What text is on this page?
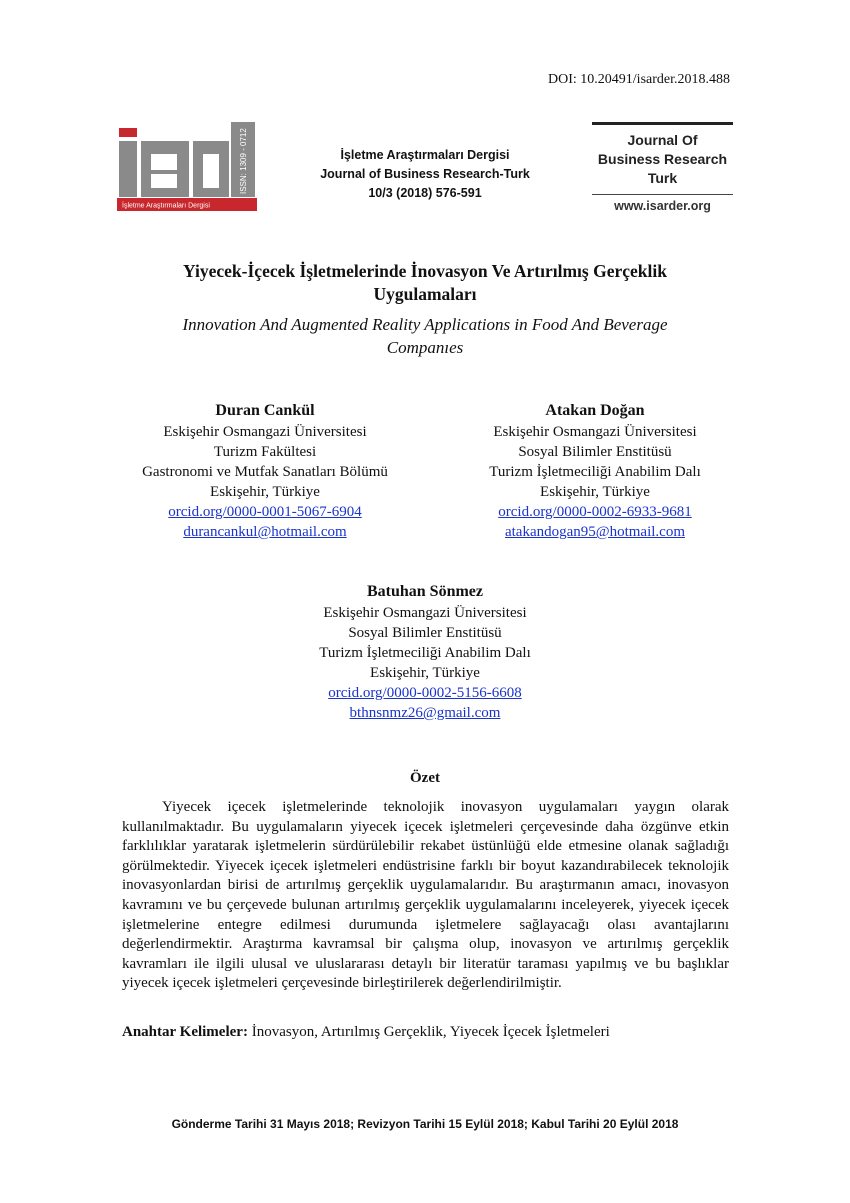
DOI: 10.20491/isarder.2018.488
ISSN: 1309 - 0712
İşletme Araştırmaları Dergisi
İşletme Araştırmaları Dergisi
Journal of Business Research-Turk
10/3 (2018) 576-591
Journal Of
Business Research
Turk
www.isarder.org
Yiyecek-İçecek İşletmelerinde İnovasyon Ve Artırılmış Gerçeklik
Uygulamaları
Innovation And Augmented Reality Applications in Food And Beverage
Companıes
Duran Cankül
Eskişehir Osmangazi Üniversitesi
Turizm Fakültesi
Gastronomi ve Mutfak Sanatları Bölümü
Eskişehir, Türkiye
orcid.org/0000-0001-5067-6904
durancankul@hotmail.com
Atakan Doğan
Eskişehir Osmangazi Üniversitesi
Sosyal Bilimler Enstitüsü
Turizm İşletmeciliği Anabilim Dalı
Eskişehir, Türkiye
orcid.org/0000-0002-6933-9681
atakandogan95@hotmail.com
Batuhan Sönmez
Eskişehir Osmangazi Üniversitesi
Sosyal Bilimler Enstitüsü
Turizm İşletmeciliği Anabilim Dalı
Eskişehir, Türkiye
orcid.org/0000-0002-5156-6608
bthnsnmz26@gmail.com
Özet

Yiyecek içecek işletmelerinde teknolojik inovasyon uygulamaları yaygın olarak kullanılmaktadır. Bu uygulamaların yiyecek içecek işletmeleri çerçevesinde daha özgünve etkin farklılıklar yaratarak işletmelerin sürdürülebilir rekabet üstünlüğü elde etmesine olanak sağladığı görülmektedir. Yiyecek içecek işletmeleri endüstrisine farklı bir boyut kazandırabilecek teknolojik inovasyonlardan birisi de artırılmış gerçeklik uygulamalarıdır. Bu araştırmanın amacı, inovasyon kavramını ve bu çerçevede bulunan artırılmış gerçeklik uygulamalarını inceleyerek, yiyecek içecek işletmelerine entegre edilmesi durumunda işletmelere sağlayacağı olası avantajlarını değerlendirmektir. Araştırma kavramsal bir çalışma olup, inovasyon ve artırılmış gerçeklik kavramları ile ilgili ulusal ve uluslararası detaylı bir literatür taraması yapılmış ve bu başlıklar yiyecek içecek işletmeleri çerçevesinde birleştirilerek değerlendirilmiştir.

Anahtar Kelimeler: İnovasyon, Artırılmış Gerçeklik, Yiyecek İçecek İşletmeleri
Gönderme Tarihi 31 Mayıs 2018; Revizyon Tarihi 15 Eylül 2018; Kabul Tarihi 20 Eylül 2018
